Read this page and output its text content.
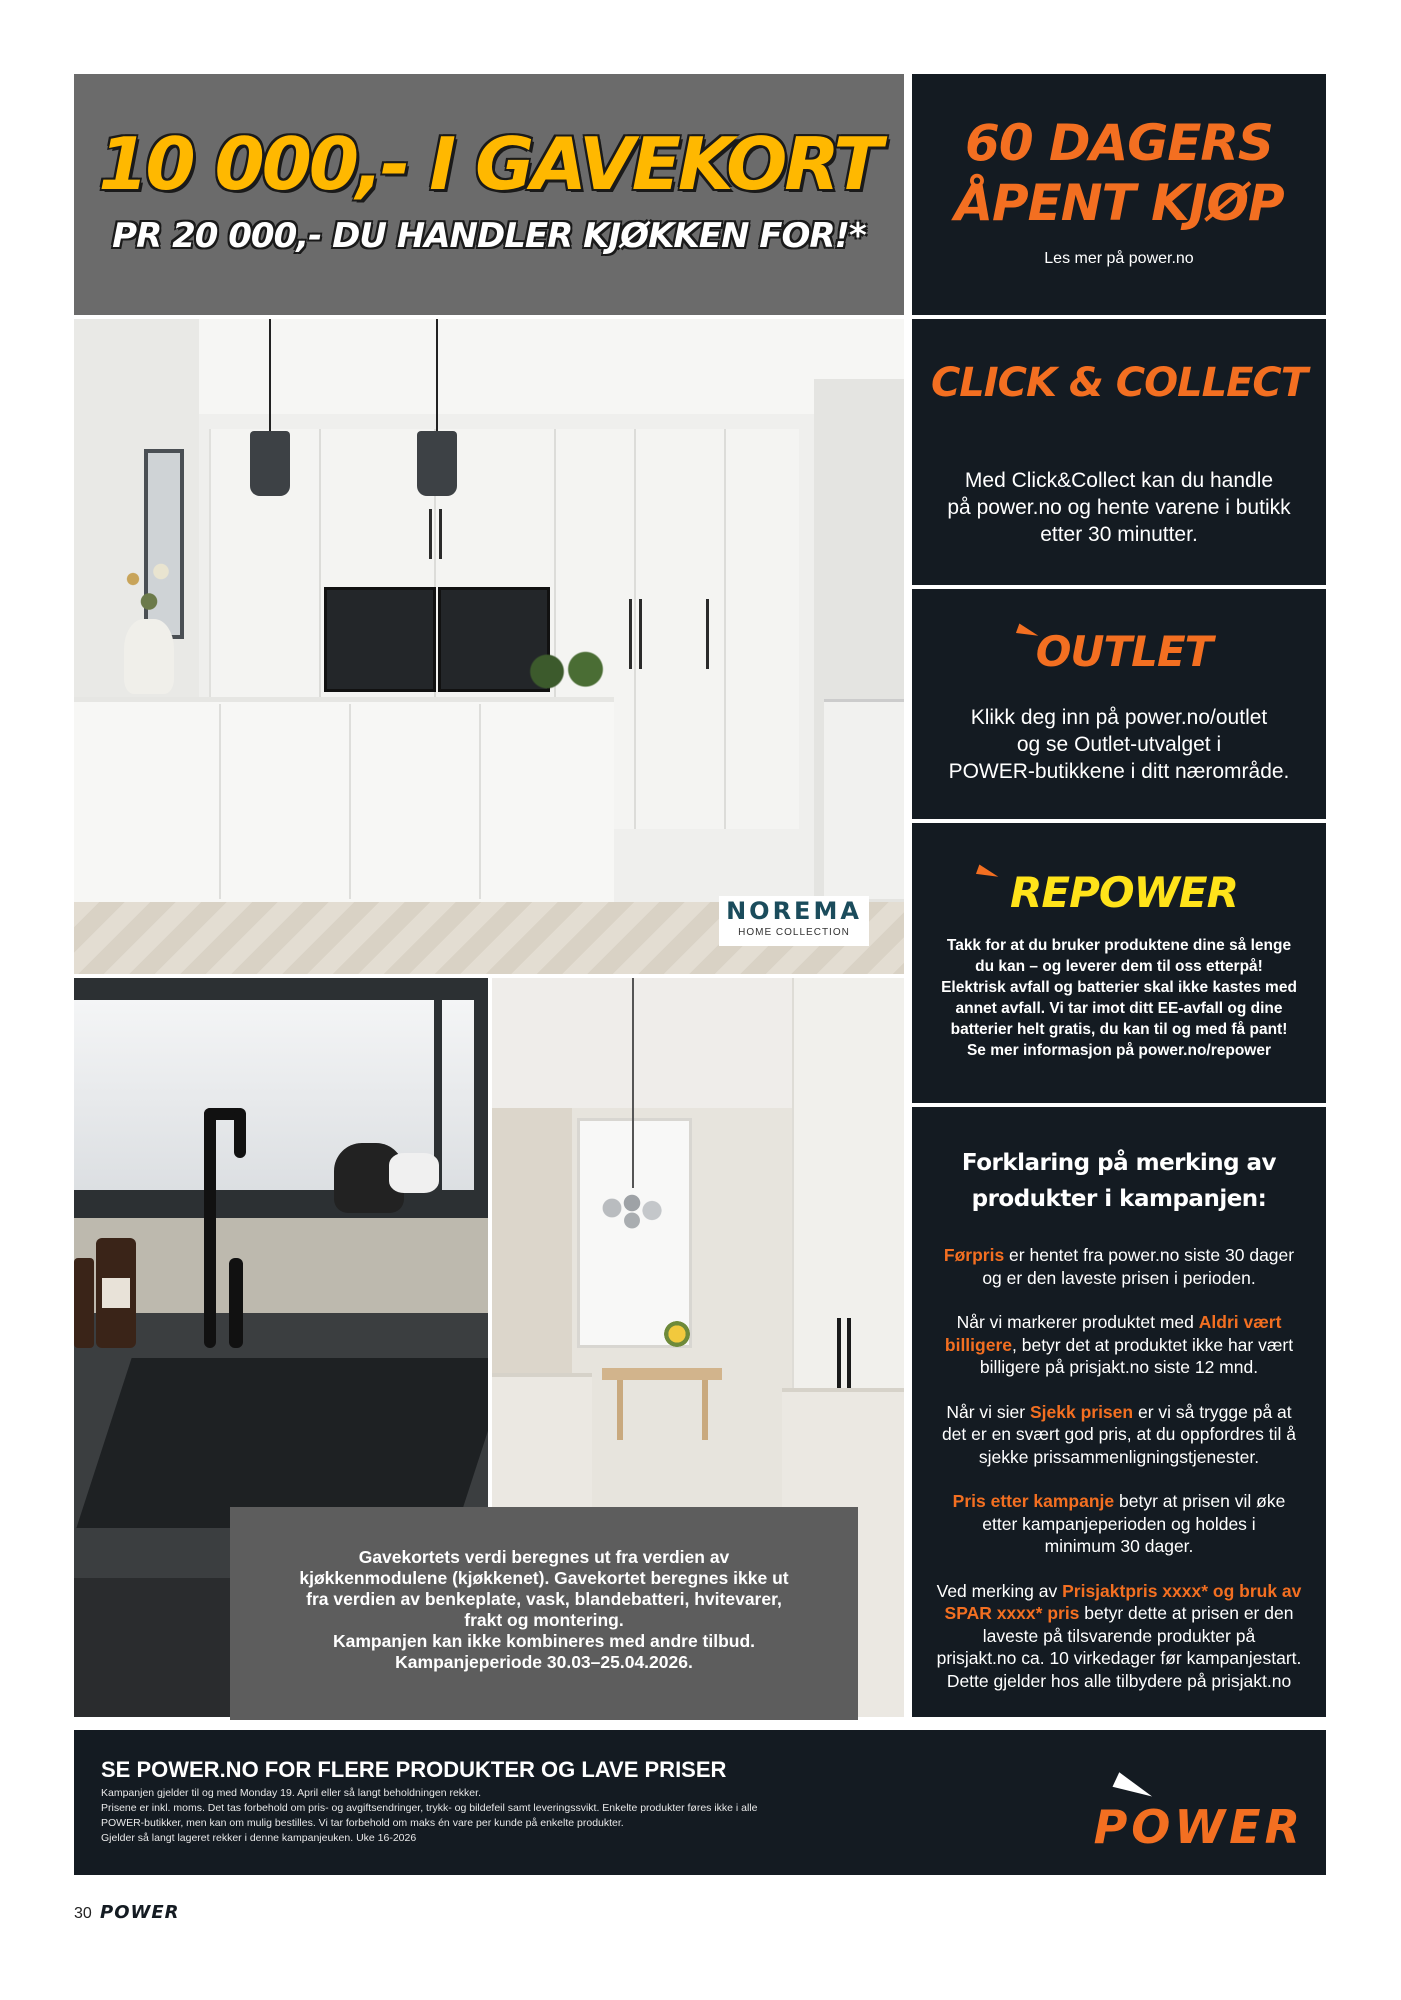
10 000,- I GAVEKORT
PR 20 000,- DU HANDLER KJØKKEN FOR!*
NOREMA
HOME COLLECTION
Gavekortets verdi beregnes ut fra verdien av
kjøkkenmodulene (kjøkkenet). Gavekortet beregnes ikke ut
fra verdien av benkeplate, vask, blandebatteri, hvitevarer,
frakt og montering.
Kampanjen kan ikke kombineres med andre tilbud.
Kampanjeperiode 30.03–25.04.2026.
60 DAGERS
ÅPENT KJØP
Les mer på power.no
CLICK & COLLECT
Med Click&Collect kan du handle
på power.no og hente varene i butikk
etter 30 minutter.
OUTLET
Klikk deg inn på power.no/outlet
og se Outlet-utvalget i
POWER-butikkene i ditt nærområde.
REPOWER
Takk for at du bruker produktene dine så lenge
du kan – og leverer dem til oss etterpå!
Elektrisk avfall og batterier skal ikke kastes med
annet avfall. Vi tar imot ditt EE-avfall og dine
batterier helt gratis, du kan til og med få pant!
Se mer informasjon på power.no/repower
Forklaring på merking av
produkter i kampanjen:
Førpris er hentet fra power.no siste 30 dager
og er den laveste prisen i perioden.
Når vi markerer produktet med Aldri vært
billigere, betyr det at produktet ikke har vært
billigere på prisjakt.no siste 12 mnd.
Når vi sier Sjekk prisen er vi så trygge på at
det er en svært god pris, at du oppfordres til å
sjekke prissammenligningstjenester.
Pris etter kampanje betyr at prisen vil øke
etter kampanjeperioden og holdes i
minimum 30 dager.
Ved merking av Prisjaktpris xxxx* og bruk av
SPAR xxxx* pris betyr dette at prisen er den
laveste på tilsvarende produkter på
prisjakt.no ca. 10 virkedager før kampanjestart.
Dette gjelder hos alle tilbydere på prisjakt.no
SE POWER.NO FOR FLERE PRODUKTER OG LAVE PRISER
Kampanjen gjelder til og med Monday 19. April eller så langt beholdningen rekker.
Prisene er inkl. moms. Det tas forbehold om pris- og avgiftsendringer, trykk- og bildefeil samt leveringssvikt. Enkelte produkter føres ikke i alle
POWER-butikker, men kan om mulig bestilles. Vi tar forbehold om maks én vare per kunde på enkelte produkter.
Gjelder så langt lageret rekker i denne kampanjeuken. Uke 16-2026	POWER
30 POWER
